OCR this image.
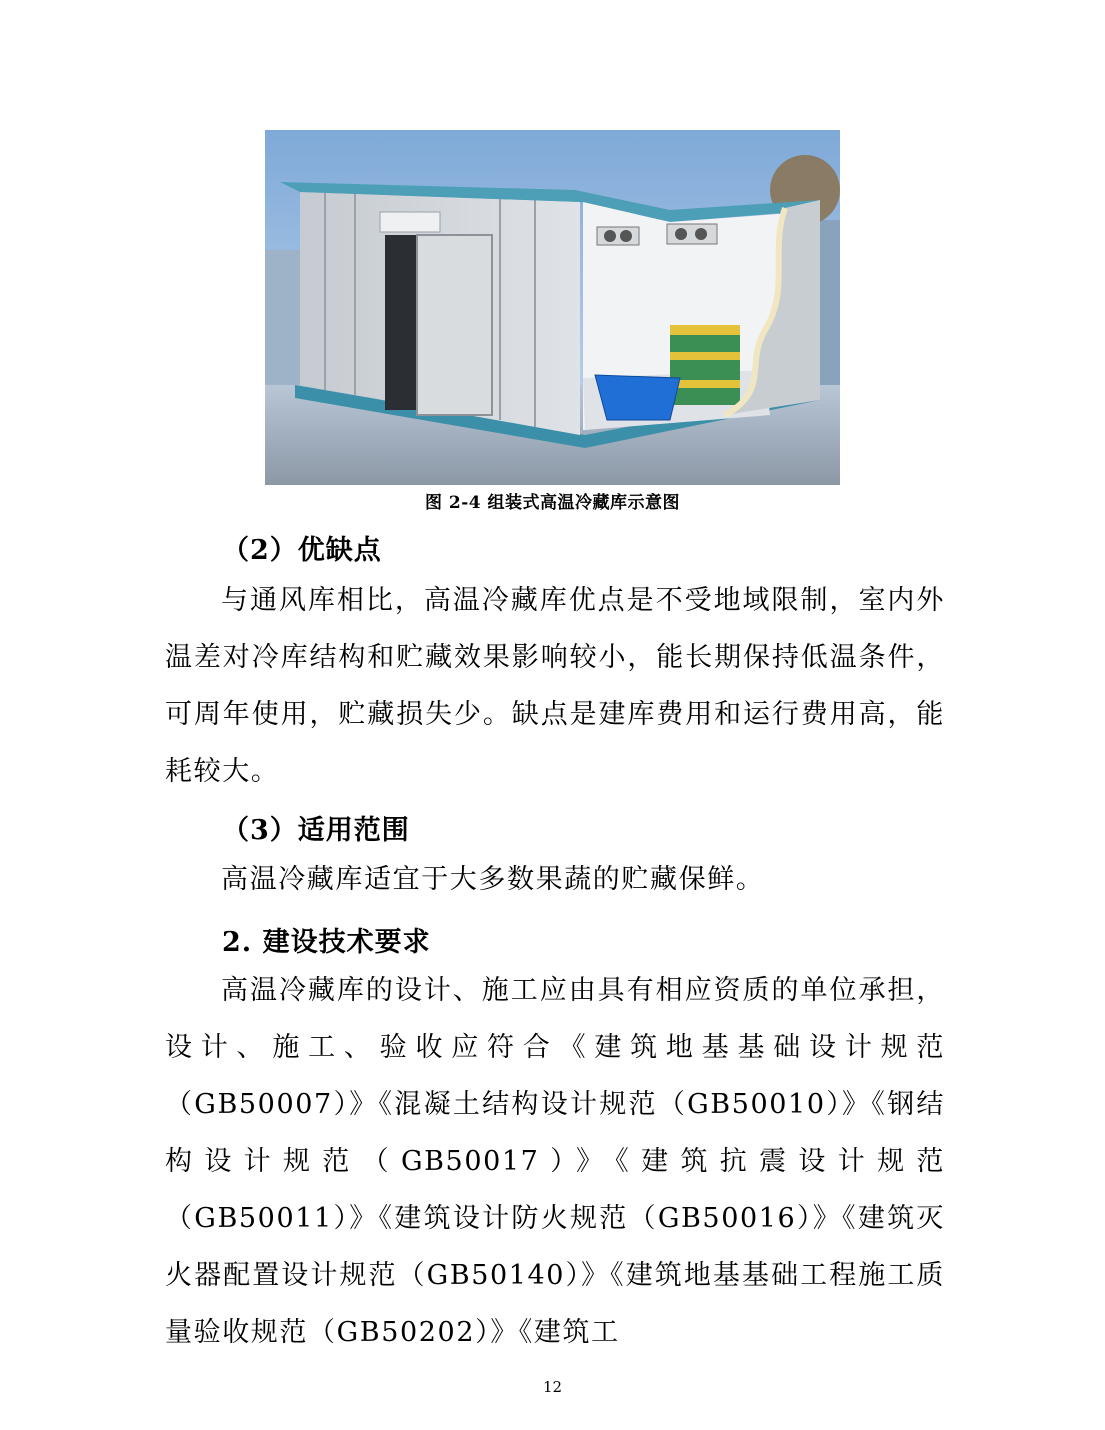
图 2-4 组装式高温冷藏库示意图
（2）优缺点

与通风库相比，高温冷藏库优点是不受地域限制，室内外温差对冷库结构和贮藏效果影响较小，能长期保持低温条件，可周年使用，贮藏损失少。缺点是建库费用和运行费用高，能耗较大。

（3）适用范围

高温冷藏库适宜于大多数果蔬的贮藏保鲜。

2. 建设技术要求

高温冷藏库的设计、施工应由具有相应资质的单位承担，设计、施工、验收应符合《建筑地基基础设计规范（GB50007）》《混凝土结构设计规范（GB50010）》《钢结构设计规范（GB50017）》《建筑抗震设计规范（GB50011）》《建筑设计防火规范（GB50016）》《建筑灭火器配置设计规范（GB50140）》《建筑地基基础工程施工质量验收规范（GB50202）》《建筑工

12
